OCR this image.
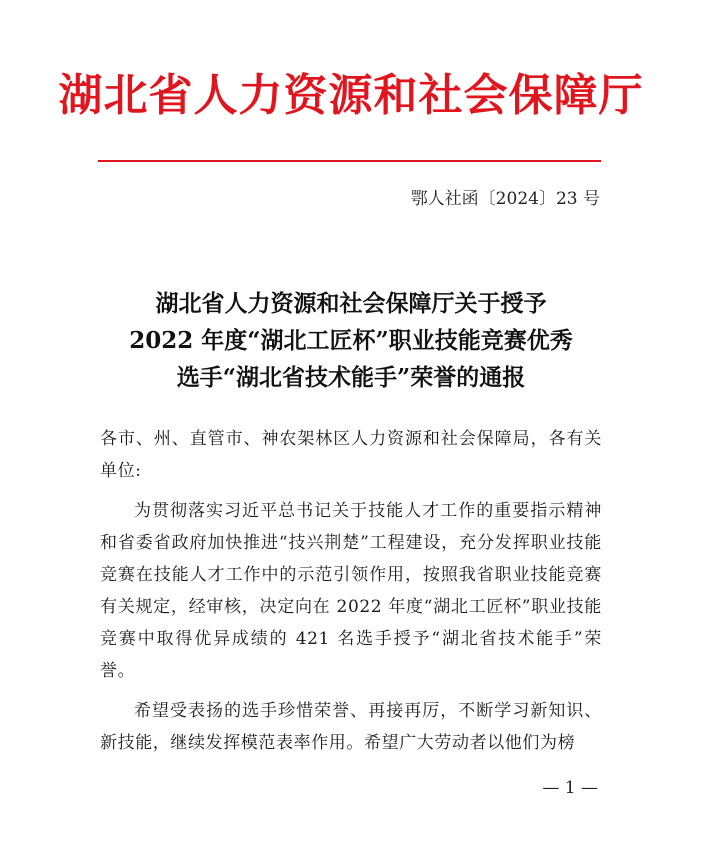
湖北省人力资源和社会保障厅
鄂人社函〔2024〕23 号
湖北省人力资源和社会保障厅关于授予
2022 年度“湖北工匠杯”职业技能竞赛优秀
选手“湖北省技术能手”荣誉的通报

各市、州、直管市、神农架林区人力资源和社会保障局，各有关单位:

为贯彻落实习近平总书记关于技能人才工作的重要指示精神和省委省政府加快推进“技兴荆楚”工程建设，充分发挥职业技能竞赛在技能人才工作中的示范引领作用，按照我省职业技能竞赛有关规定，经审核，决定向在 2022 年度“湖北工匠杯”职业技能竞赛中取得优异成绩的 421 名选手授予“湖北省技术能手”荣誉。

希望受表扬的选手珍惜荣誉、再接再厉，不断学习新知识、新技能，继续发挥模范表率作用。希望广大劳动者以他们为榜

— 1 —
